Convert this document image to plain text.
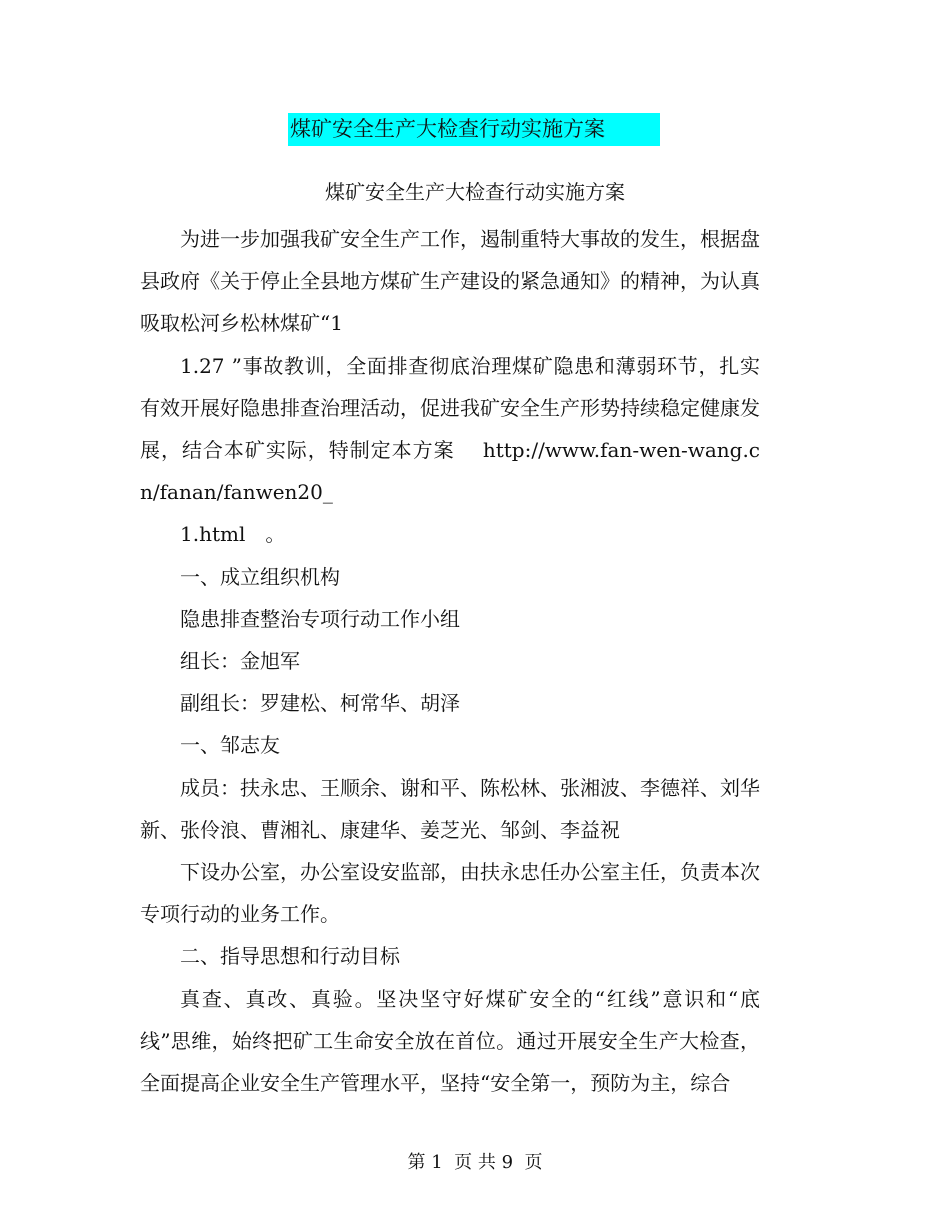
煤矿安全生产大检查行动实施方案
煤矿安全生产大检查行动实施方案

为进一步加强我矿安全生产工作，遏制重特大事故的发生，根据盘县政府《关于停止全县地方煤矿生产建设的紧急通知》的精神，为认真吸取松河乡松林煤矿“1

1.27 ”事故教训，全面排查彻底治理煤矿隐患和薄弱环节，扎实有效开展好隐患排查治理活动，促进我矿安全生产形势持续稳定健康发展，结合本矿实际，特制定本方案　 http://www.fan-wen-wang.cn/fanan/fanwen20_

1.html　。

一、成立组织机构

隐患排查整治专项行动工作小组

组长：金旭军

副组长：罗建松、柯常华、胡泽

一、邹志友

成员：扶永忠、王顺余、谢和平、陈松林、张湘波、李德祥、刘华新、张伶浪、曹湘礼、康建华、姜芝光、邹剑、李益祝

下设办公室，办公室设安监部，由扶永忠任办公室主任，负责本次专项行动的业务工作。

二、指导思想和行动目标

真查、真改、真验。坚决坚守好煤矿安全的“红线”意识和“底线”思维，始终把矿工生命安全放在首位。通过开展安全生产大检查，全面提高企业安全生产管理水平，坚持“安全第一，预防为主，综合

第 1  页 共 9  页
